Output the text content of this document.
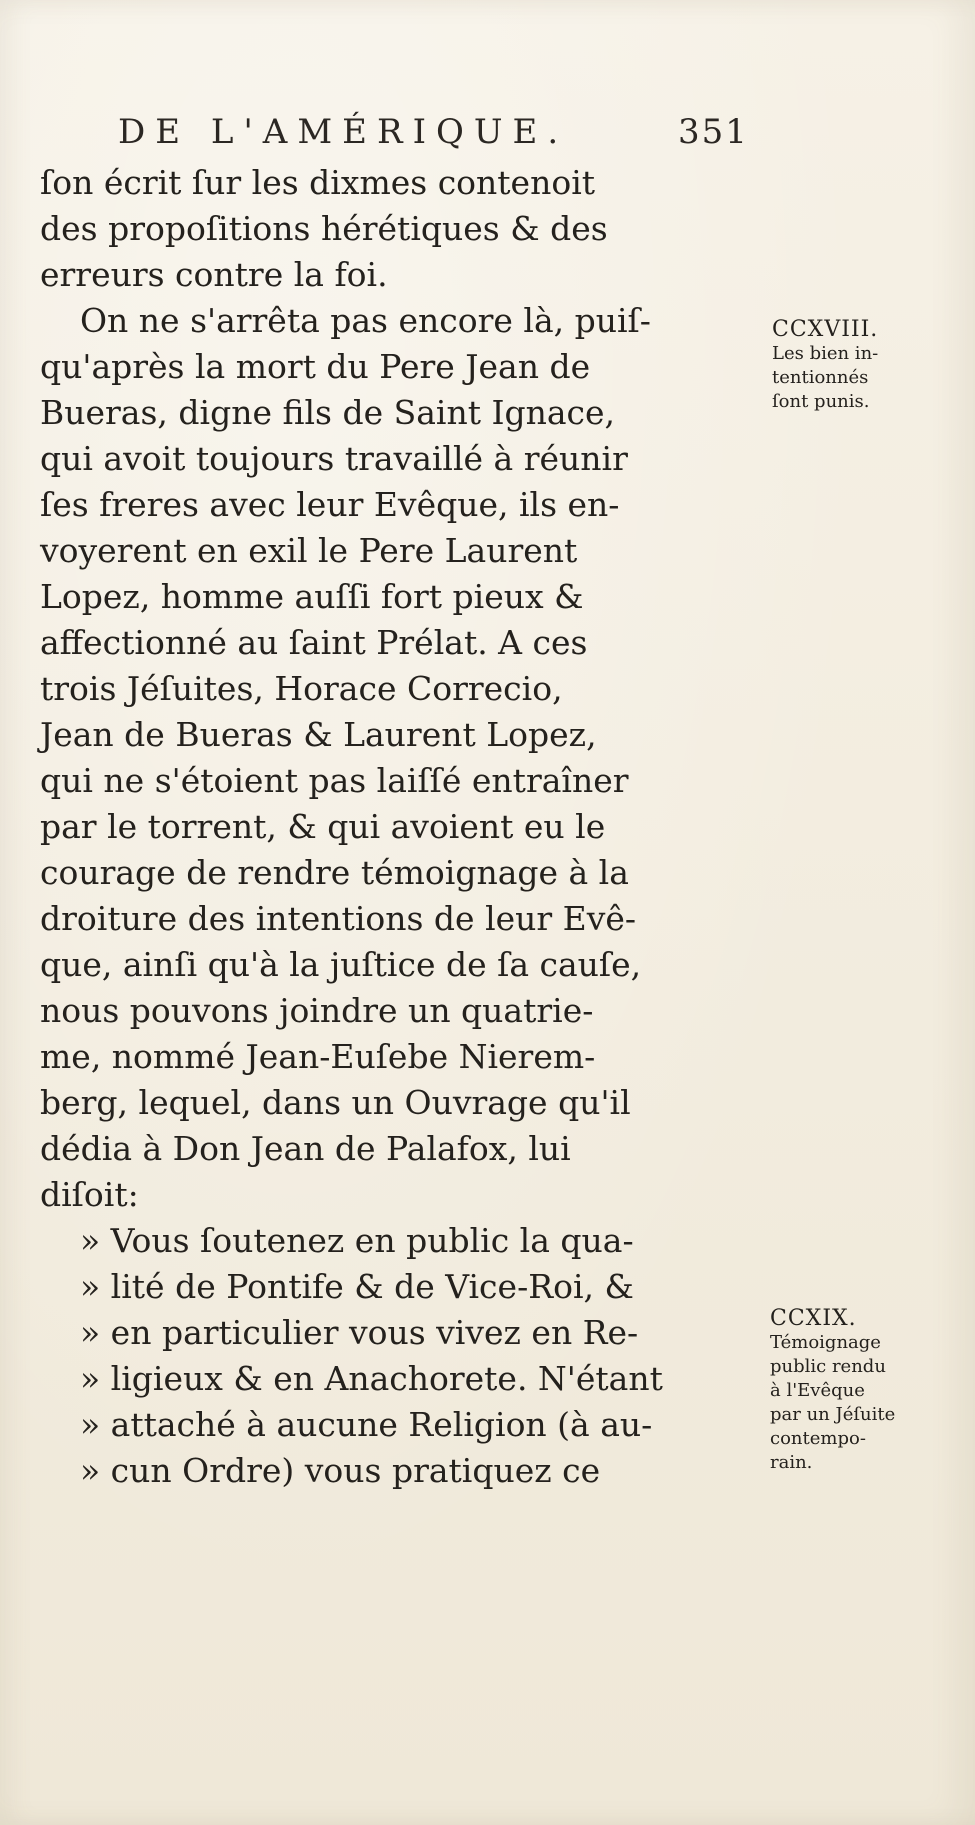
DE L'AMÉRIQUE.	351
ſon écrit ſur les dixmes contenoit
des propoſitions hérétiques & des
erreurs contre la foi.
On ne s'arrêta pas encore là, puiſ-
qu'après la mort du Pere Jean de
Bueras, digne fils de Saint Ignace,
qui avoit toujours travaillé à réunir
ſes freres avec leur Evêque, ils en-
voyerent en exil le Pere Laurent
Lopez, homme auſſi fort pieux &
affectionné au ſaint Prélat. A ces
trois Jéſuites, Horace Correcio,
Jean de Bueras & Laurent Lopez,
qui ne s'étoient pas laiſſé entraîner
par le torrent, & qui avoient eu le
courage de rendre témoignage à la
droiture des intentions de leur Evê-
que, ainſi qu'à la juſtice de ſa cauſe,
nous pouvons joindre un quatrie-
me, nommé Jean-Euſebe Nierem-
berg, lequel, dans un Ouvrage qu'il
dédia à Don Jean de Palafox, lui
diſoit:
» Vous ſoutenez en public la qua-
» lité de Pontife & de Vice-Roi, &
» en particulier vous vivez en Re-
» ligieux & en Anachorete. N'étant
» attaché à aucune Religion (à au-
» cun Ordre) vous pratiquez ce
CCXVIII.
Les bien in-
tentionnés
ſont punis.
CCXIX.
Témoignage
public rendu
à l'Evêque
par un Jéſuite
contempo-
rain.
